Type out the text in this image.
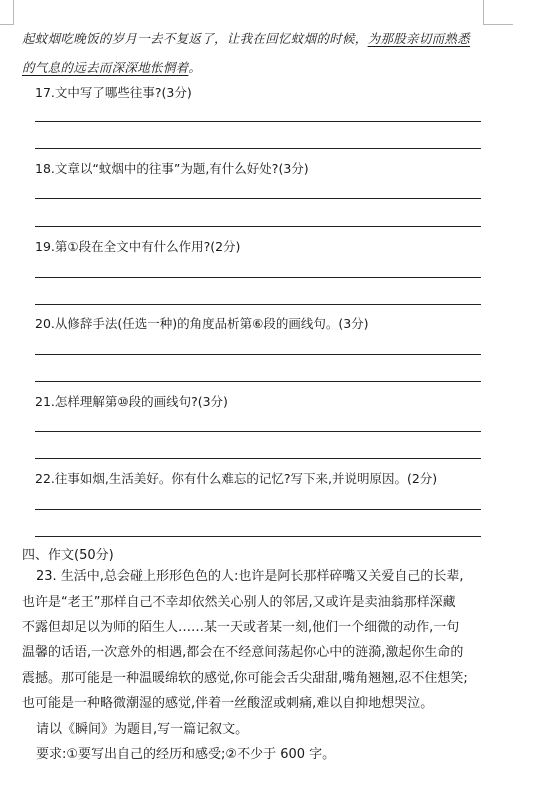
起蚊烟吃晚饭的岁月一去不复返了，让我在回忆蚊烟的时候，为那股亲切而熟悉
的气息的远去而深深地怅惘着。
17.文中写了哪些往事?(3分)
18.文章以“蚊烟中的往事”为题,有什么好处?(3分)
19.第①段在全文中有什么作用?(2分)
20.从修辞手法(任选一种)的角度品析第⑥段的画线句。(3分)
21.怎样理解第⑩段的画线句?(3分)
22.往事如烟,生活美好。你有什么难忘的记忆?写下来,并说明原因。(2分)
四、作文(50分)
23. 生活中,总会碰上形形色色的人:也许是阿长那样碎嘴又关爱自己的长辈,
也许是“老王”那样自己不幸却依然关心别人的邻居,又或许是卖油翁那样深藏
不露但却足以为师的陌生人……某一天或者某一刻,他们一个细微的动作,一句
温馨的话语,一次意外的相遇,都会在不经意间荡起你心中的涟漪,激起你生命的
震撼。那可能是一种温暖绵软的感觉,你可能会舌尖甜甜,嘴角翘翘,忍不住想笑;
也可能是一种略微潮湿的感觉,伴着一丝酸涩或刺痛,难以自抑地想哭泣。
请以《瞬间》为题目,写一篇记叙文。
要求:①要写出自己的经历和感受;②不少于 600 字。
